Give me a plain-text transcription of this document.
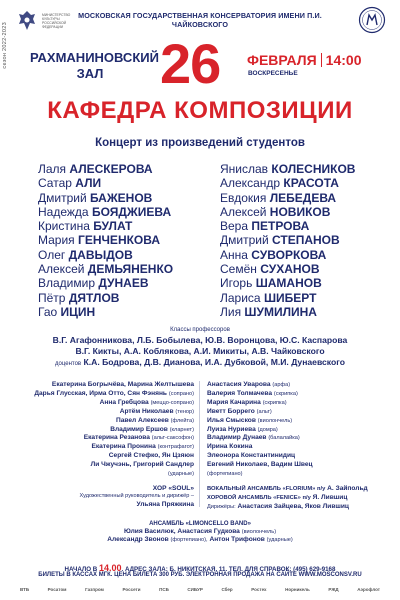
сезон 2022-2023
МИНИСТЕРСТВО КУЛЬТУРЫ РОССИЙСКОЙ ФЕДЕРАЦИИ
МОСКОВСКАЯ ГОСУДАРСТВЕННАЯ КОНСЕРВАТОРИЯ ИМЕНИ П.И. ЧАЙКОВСКОГО
РАХМАНИНОВСКИЙ
ЗАЛ	26 ФЕВРАЛЯ 14:00
ВОСКРЕСЕНЬЕ
КАФЕДРА КОМПОЗИЦИИ
Концерт из произведений студентов
Лаля АЛЕСКЕРОВА
Сатар АЛИ
Дмитрий БАЖЕНОВ
Надежда БОЯДЖИЕВА
Кристина БУЛАТ
Мария ГЕНЧЕНКОВА
Олег ДАВЫДОВ
Алексей ДЕМЬЯНЕНКО
Владимир ДУНАЕВ
Пётр ДЯТЛОВ
Гао ИЦИН
Янислав КОЛЕСНИКОВ
Александр КРАСОТА
Евдокия ЛЕБЕДЕВА
Алексей НОВИКОВ
Вера ПЕТРОВА
Дмитрий СТЕПАНОВ
Анна СУВОРКОВА
Семён СУХАНОВ
Игорь ШАМАНОВ
Лариса ШИБЕРТ
Лия ШУМИЛИНА
Классы профессоров
В.Г. Агафонникова, Л.Б. Бобылева, Ю.В. Воронцова, Ю.С. Каспарова
В.Г. Кикты, А.А. Коблякова, А.И. Микиты, А.В. Чайковского
доцентов К.А. Бодрова, Д.В. Дианова, И.А. Дубковой, М.И. Дунаевского
Екатерина Богрычёва, Марина Желтышева
Дарья Глусская, Ирма Отто, Сян Фэнянь (сопрано)
Анна Гребцова (меццо-сопрано)
Артём Николаев (тенор)
Павел Алексеев (флейта)
Владимир Ершов (кларнет)
Екатерина Резанова (альт-саксофон)
Екатерина Пронина (контрафагот)
Сергей Стефко, Ян Цзяюн
Ли Чжучэнь, Григорий Сандлер
(ударные)
ХОР «SOUL»
Художественный руководитель и дирижёр –
Ульяна Пряжкина
Анастасия Уварова (арфа)
Валерия Толмачева (скрипка)
Мария Качарина (скрипка)
Иветт Боррего (альт)
Илья Смысков (виолончель)
Луиза Нуриева (домра)
Владимир Дунаев (балалайка)
Ирина Кокина
Элеонора Константинидиц
Евгений Николаев, Вадим Швец
(фортепиано)
ВОКАЛЬНЫЙ АНСАМБЛЬ «FLORIUM» п/у А. Зайпольд
ХОРОВОЙ АНСАМБЛЬ «FENICE» п/у Я. Лившиц
Дирижёры: Анастасия Зайцева, Яков Лившиц
АНСАМБЛЬ «LIMONCELLO BAND»
Юлия Василюк, Анастасия Гудкова (виолончель)
Александр Звонов (фортепиано), Антон Трифонов (ударные)
НАЧАЛО В 14.00. АДРЕС ЗАЛА: Б. НИКИТСКАЯ, 11. ТЕЛ. ДЛЯ СПРАВОК: (495) 629-9168
БИЛЕТЫ В КАССАХ МГК. ЦЕНА БИЛЕТА 300 РУБ. ЭЛЕКТРОННАЯ ПРОДАЖА НА САЙТЕ WWW.MOSCONSV.RU
ВТБ	Росатом	Газпром	Россети	ПСБ	СИБУР	Сбер	Ростех	Норникель	РЖД	Аэрофлот
